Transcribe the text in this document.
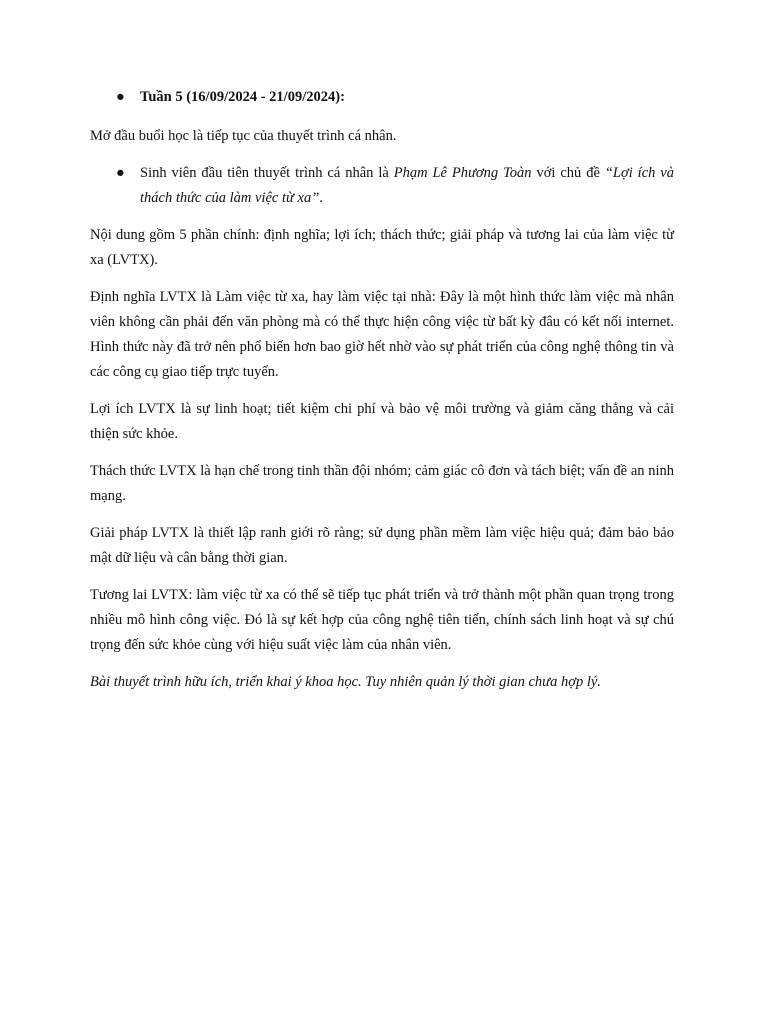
● Tuần 5 (16/09/2024 - 21/09/2024):

Mở đầu buổi học là tiếp tục của thuyết trình cá nhân.

● Sinh viên đầu tiên thuyết trình cá nhân là Phạm Lê Phương Toàn với chủ đề “Lợi ích và thách thức của làm việc từ xa”.

Nội dung gồm 5 phần chính: định nghĩa; lợi ích; thách thức; giải pháp và tương lai của làm việc từ xa (LVTX).

Định nghĩa LVTX là Làm việc từ xa, hay làm việc tại nhà: Đây là một hình thức làm việc mà nhân viên không cần phải đến văn phòng mà có thể thực hiện công việc từ bất kỳ đâu có kết nối internet. Hình thức này đã trở nên phổ biến hơn bao giờ hết nhờ vào sự phát triển của công nghệ thông tin và các công cụ giao tiếp trực tuyến.

Lợi ích LVTX là sự linh hoạt; tiết kiệm chi phí và bảo vệ môi trường và giảm căng thẳng và cải thiện sức khỏe.

Thách thức LVTX là hạn chế trong tinh thần đội nhóm; cảm giác cô đơn và tách biệt; vấn đề an ninh mạng.

Giải pháp LVTX là thiết lập ranh giới rõ ràng; sử dụng phần mềm làm việc hiệu quả; đảm bảo bảo mật dữ liệu và cân bằng thời gian.

Tương lai LVTX: làm việc từ xa có thể sẽ tiếp tục phát triển và trở thành một phần quan trọng trong nhiều mô hình công việc. Đó là sự kết hợp của công nghệ tiên tiến, chính sách linh hoạt và sự chú trọng đến sức khỏe cùng với hiệu suất việc làm của nhân viên.

Bài thuyết trình hữu ích, triển khai ý khoa học. Tuy nhiên quản lý thời gian chưa hợp lý.
